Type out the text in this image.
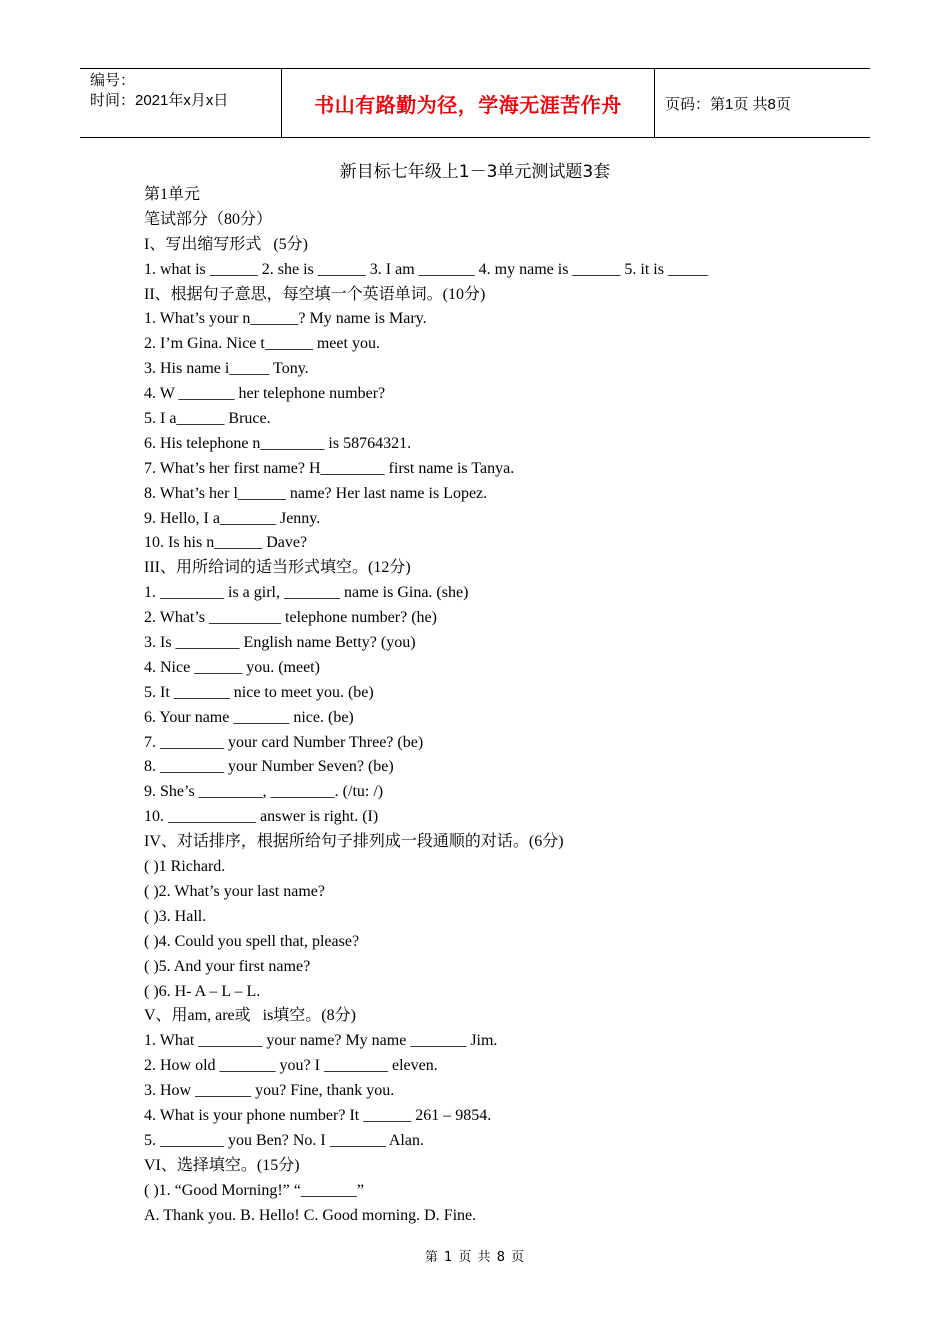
编号：
时间：2021年x月x日	书山有路勤为径，学海无涯苦作舟	页码：第1页 共8页
新目标七年级上1－3单元测试题3套
第1单元
笔试部分（80分）
I、写出缩写形式   (5分)
1. what is ______ 2. she is ______ 3. I am _______ 4. my name is ______ 5. it is _____
II、根据句子意思，每空填一个英语单词。(10分)
1. What’s your n______? My name is Mary.
2. I’m Gina. Nice t______ meet you.
3. His name i_____ Tony.
4. W _______ her telephone number?
5. I a______ Bruce.
6. His telephone n________ is 58764321.
7. What’s her first name? H________ first name is Tanya.
8. What’s her l______ name? Her last name is Lopez.
9. Hello, I a_______ Jenny.
10. Is his n______ Dave?
III、用所给词的适当形式填空。(12分)
1. ________ is a girl, _______ name is Gina. (she)
2. What’s _________ telephone number? (he)
3. Is ________ English name Betty? (you)
4. Nice ______ you. (meet)
5. It _______ nice to meet you. (be)
6. Your name _______ nice. (be)
7. ________ your card Number Three? (be)
8. ________ your Number Seven? (be)
9. She’s ________, ________. (/tu: /)
10. ___________ answer is right. (I)
IV、对话排序，根据所给句子排列成一段通顺的对话。(6分)
( )1 Richard.
( )2. What’s your last name?
( )3. Hall.
( )4. Could you spell that, please?
( )5. And your first name?
( )6. H- A – L – L.
V、用am, are或   is填空。(8分)
1. What ________ your name? My name _______ Jim.
2. How old _______ you? I ________ eleven.
3. How _______ you? Fine, thank you.
4. What is your phone number? It ______ 261 – 9854.
5. ________ you Ben? No. I _______ Alan.
VI、选择填空。(15分)
( )1. “Good Morning!” “_______”
A. Thank you. B. Hello! C. Good morning. D. Fine.
第 1 页 共 8 页
